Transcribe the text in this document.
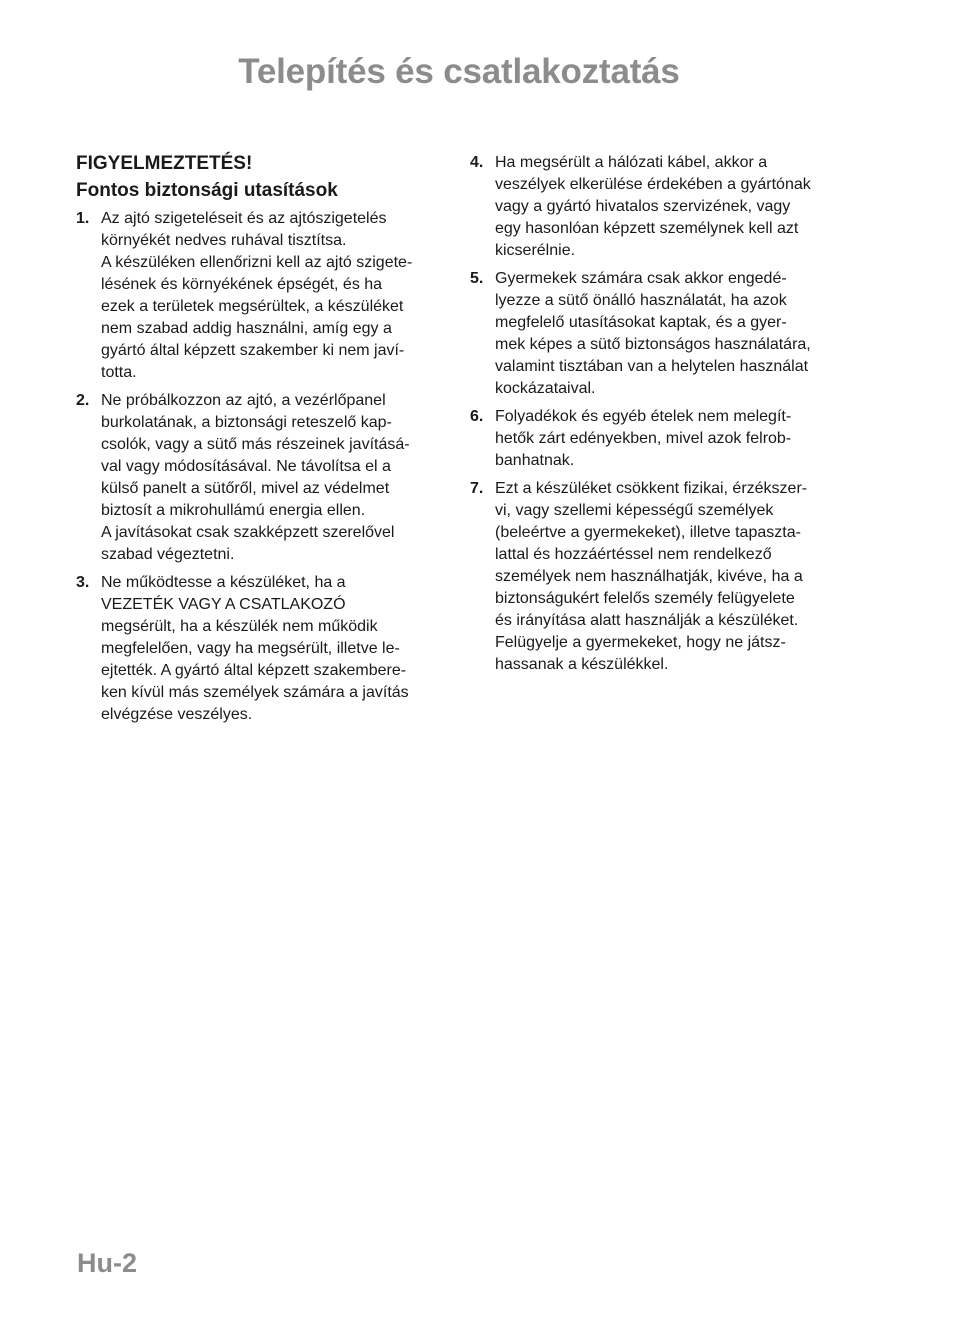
Telepítés és csatlakoztatás
FIGYELMEZTETÉS!
Fontos biztonsági utasítások
1. Az ajtó szigeteléseit és az ajtószigetelés
környékét nedves ruhával tisztítsa.
A készüléken ellenőrizni kell az ajtó szigete-
lésének és környékének épségét, és ha
ezek a területek megsérültek, a készüléket
nem szabad addig használni, amíg egy a
gyártó által képzett szakember ki nem javí-
totta.
2. Ne próbálkozzon az ajtó, a vezérlőpanel
burkolatának, a biztonsági reteszelő kap-
csolók, vagy a sütő más részeinek javításá-
val vagy módosításával. Ne távolítsa el a
külső panelt a sütőről, mivel az védelmet
biztosít a mikrohullámú energia ellen.
A javításokat csak szakképzett szerelővel
szabad végeztetni.
3. Ne működtesse a készüléket, ha a
VEZETÉK VAGY A CSATLAKOZÓ
megsérült, ha a készülék nem működik
megfelelően, vagy ha megsérült, illetve le-
ejtették. A gyártó által képzett szakembere-
ken kívül más személyek számára a javítás
elvégzése veszélyes.
4. Ha megsérült a hálózati kábel, akkor a
veszélyek elkerülése érdekében a gyártónak
vagy a gyártó hivatalos szervizének, vagy
egy hasonlóan képzett személynek kell azt
kicserélnie.
5. Gyermekek számára csak akkor engedé-
lyezze a sütő önálló használatát, ha azok
megfelelő utasításokat kaptak, és a gyer-
mek képes a sütő biztonságos használatára,
valamint tisztában van a helytelen használat
kockázataival.
6. Folyadékok és egyéb ételek nem melegít-
hetők zárt edényekben, mivel azok felrob-
banhatnak.
7. Ezt a készüléket csökkent fizikai, érzékszer-
vi, vagy szellemi képességű személyek
(beleértve a gyermekeket), illetve tapaszta-
lattal és hozzáértéssel nem rendelkező
személyek nem használhatják, kivéve, ha a
biztonságukért felelős személy felügyelete
és irányítása alatt használják a készüléket.
Felügyelje a gyermekeket, hogy ne játsz-
hassanak a készülékkel.
Hu-2
